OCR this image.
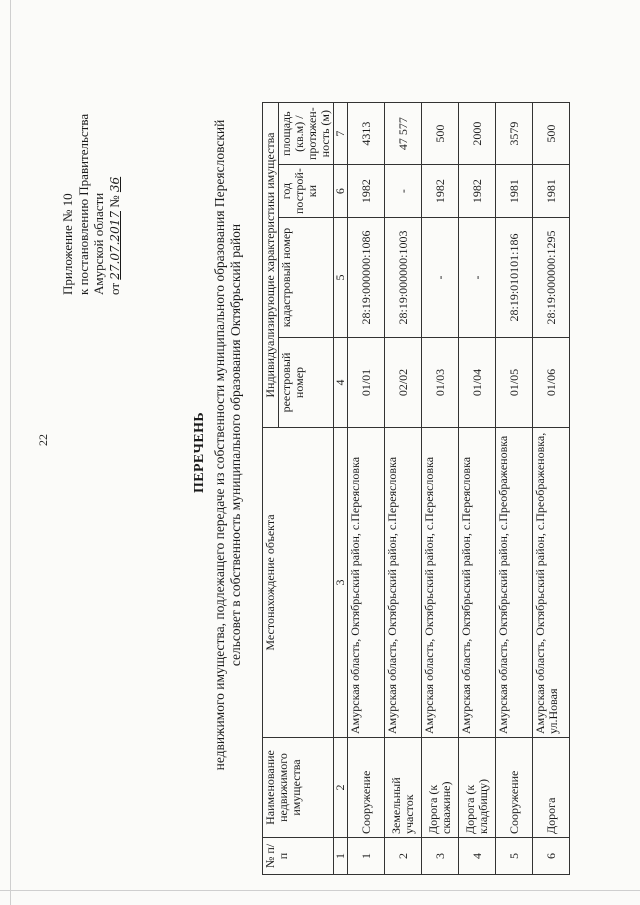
22
Приложение № 10 к постановлению Правительства Амурской области от 27.07.2017 № 36
ПЕРЕЧЕНЬ недвижимого имущества, подлежащего передаче из собственности муниципального образования Переясловский сельсовет в собственность муниципального образования Октябрьский район
№ п/п	Наименование недвижимого имущества	Местонахождение объекта	Индивидуализирующие характеристики имущества			
			реестровый номер	кадастровый номер	год построй-ки	площадь (кв.м) / протяжен-ность (м)
1	2	3	4	5	6	7
1	Сооружение	Амурская область, Октябрьский район, с.Переясловка	01/01	28:19:000000:1086	1982	4313
2	Земельный участок	Амурская область, Октябрьский район, с.Переясловка	02/02	28:19:000000:1003	-	47 577
3	Дорога (к скважине)	Амурская область, Октябрьский район, с.Переясловка	01/03	-	1982	500
4	Дорога (к кладбищу)	Амурская область, Октябрьский район, с.Переясловка	01/04	-	1982	2000
5	Сооружение	Амурская область, Октябрьский район, с.Преображеновка	01/05	28:19:010101:186	1981	3579
6	Дорога	Амурская область, Октябрьский район, с.Преображеновка, ул.Новая	01/06	28:19:000000:1295	1981	500
